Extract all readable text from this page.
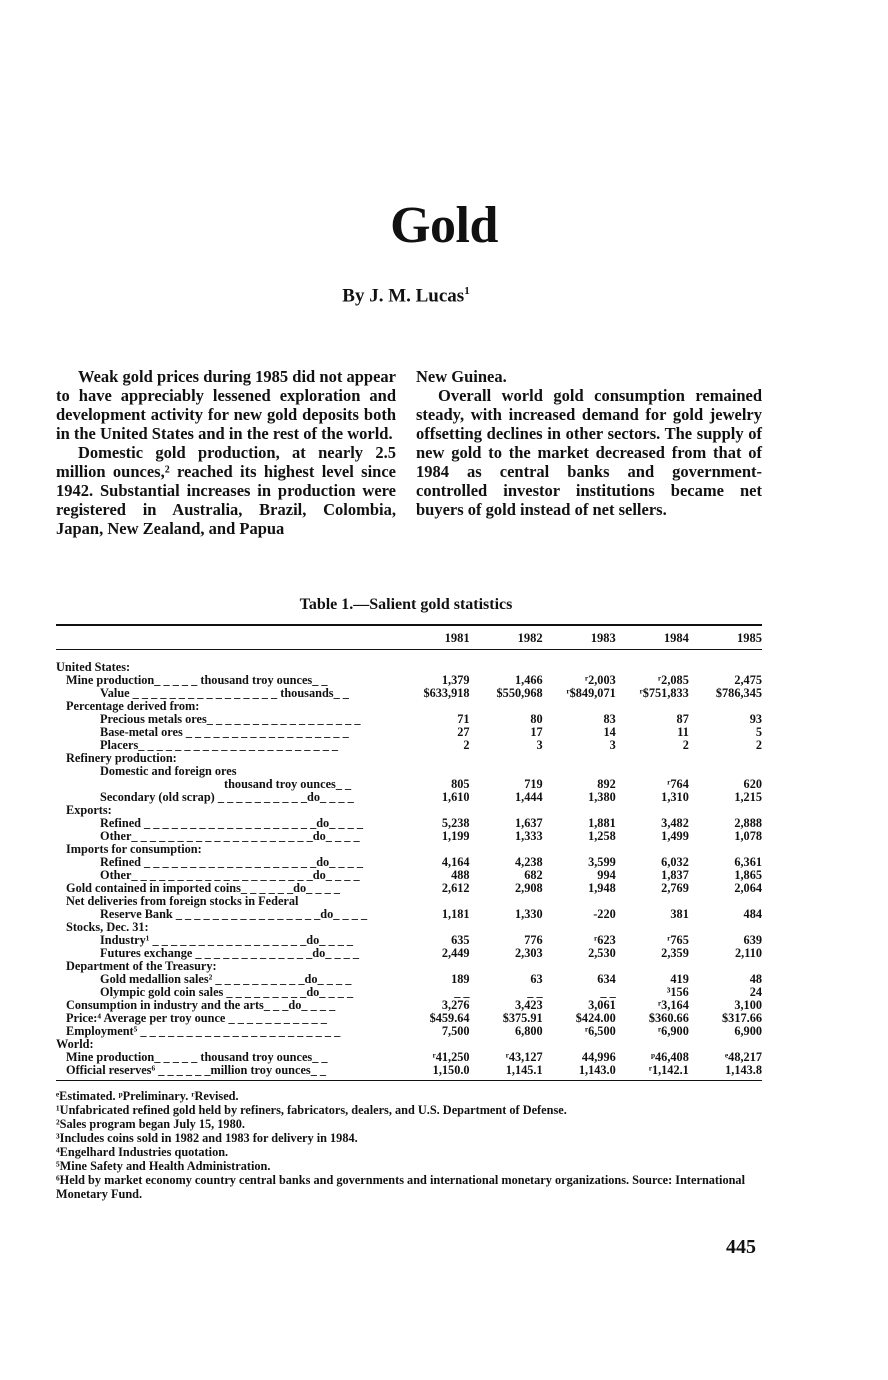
Gold
By J. M. Lucas$^1$

Weak gold prices during 1985 did not appear to have appreciably lessened exploration and development activity for new gold deposits both in the United States and in the rest of the world.

Domestic gold production, at nearly 2.5 million ounces,² reached its highest level since 1942. Substantial increases in production were registered in Australia, Brazil, Colombia, Japan, New Zealand, and Papua

New Guinea.

Overall world gold consumption remained steady, with increased demand for gold jewelry offsetting declines in other sectors. The supply of new gold to the market decreased from that of 1984 as central banks and government-controlled investor institutions became net buyers of gold instead of net sellers.

Table 1.—Salient gold statistics

	1981	1982	1983	1984	1985

United States:					
Mine production_ _ _ _ _ thousand troy ounces_ _	1,379	1,466	ʳ2,003	ʳ2,085	2,475
Value _ _ _ _ _ _ _ _ _ _ _ _ _ _ _ _ thousands_ _	$633,918	$550,968	ʳ$849,071	ʳ$751,833	$786,345
Percentage derived from:					
Precious metals ores_ _ _ _ _ _ _ _ _ _ _ _ _ _ _ _ _	71	80	83	87	93
Base-metal ores _ _ _ _ _ _ _ _ _ _ _ _ _ _ _ _ _ _	27	17	14	11	5
Placers_ _ _ _ _ _ _ _ _ _ _ _ _ _ _ _ _ _ _ _ _ _	2	3	3	2	2
Refinery production:					
Domestic and foreign ores					
thousand troy ounces_ _	805	719	892	ʳ764	620
Secondary (old scrap) _ _ _ _ _ _ _ _ _ _do_ _ _ _	1,610	1,444	1,380	1,310	1,215
Exports:					
Refined _ _ _ _ _ _ _ _ _ _ _ _ _ _ _ _ _ _ _do_ _ _ _	5,238	1,637	1,881	3,482	2,888
Other_ _ _ _ _ _ _ _ _ _ _ _ _ _ _ _ _ _ _ _do_ _ _ _	1,199	1,333	1,258	1,499	1,078
Imports for consumption:					
Refined _ _ _ _ _ _ _ _ _ _ _ _ _ _ _ _ _ _ _do_ _ _ _	4,164	4,238	3,599	6,032	6,361
Other_ _ _ _ _ _ _ _ _ _ _ _ _ _ _ _ _ _ _ _do_ _ _ _	488	682	994	1,837	1,865
Gold contained in imported coins_ _ _ _ _ _do_ _ _ _	2,612	2,908	1,948	2,769	2,064
Net deliveries from foreign stocks in Federal					
Reserve Bank _ _ _ _ _ _ _ _ _ _ _ _ _ _ _ _do_ _ _ _	1,181	1,330	-220	381	484
Stocks, Dec. 31:					
Industry¹ _ _ _ _ _ _ _ _ _ _ _ _ _ _ _ _ _do_ _ _ _	635	776	ʳ623	ʳ765	639
Futures exchange _ _ _ _ _ _ _ _ _ _ _ _ _do_ _ _ _	2,449	2,303	2,530	2,359	2,110
Department of the Treasury:					
Gold medallion sales² _ _ _ _ _ _ _ _ _ _do_ _ _ _	189	63	634	419	48
Olympic gold coin sales _ _ _ _ _ _ _ _ _do_ _ _ _	_ _	_ _	_ _	³156	24
Consumption in industry and the arts_ _ _do_ _ _ _	3,276	3,423	3,061	ʳ3,164	3,100
Price:⁴ Average per troy ounce _ _ _ _ _ _ _ _ _ _ _	$459.64	$375.91	$424.00	$360.66	$317.66
Employment⁵ _ _ _ _ _ _ _ _ _ _ _ _ _ _ _ _ _ _ _ _ _ _	7,500	6,800	ʳ6,500	ʳ6,900	6,900
World:					
Mine production_ _ _ _ _ thousand troy ounces_ _	ʳ41,250	ʳ43,127	44,996	ᵖ46,408	ᵉ48,217
Official reserves⁶ _ _ _ _ _ _million troy ounces_ _	1,150.0	1,145.1	1,143.0	ʳ1,142.1	1,143.8

ᵉEstimated. ᵖPreliminary. ʳRevised.

¹Unfabricated refined gold held by refiners, fabricators, dealers, and U.S. Department of Defense.

²Sales program began July 15, 1980.

³Includes coins sold in 1982 and 1983 for delivery in 1984.

⁴Engelhard Industries quotation.

⁵Mine Safety and Health Administration.

⁶Held by market economy country central banks and governments and international monetary organizations. Source: International Monetary Fund.

445
